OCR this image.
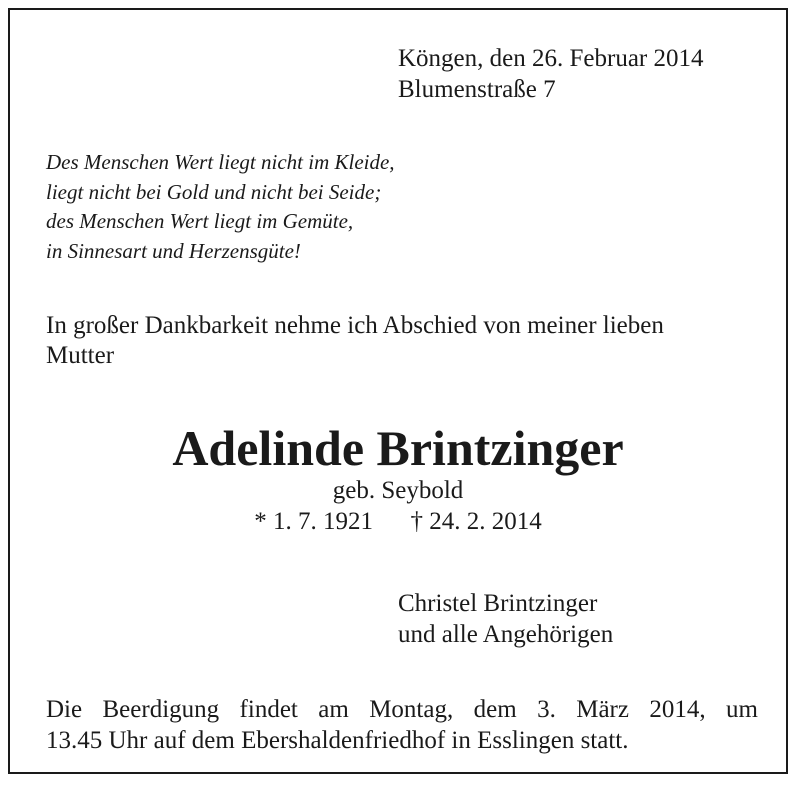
Köngen, den 26. Februar 2014
Blumenstraße 7
Des Menschen Wert liegt nicht im Kleide,
liegt nicht bei Gold und nicht bei Seide;
des Menschen Wert liegt im Gemüte,
in Sinnesart und Herzensgüte!
In großer Dankbarkeit nehme ich Abschied von meiner lieben
Mutter
Adelinde Brintzinger
geb. Seybold
* 1. 7. 1921 † 24. 2. 2014
Christel Brintzinger
und alle Angehörigen
Die Beerdigung findet am Montag, dem 3. März 2014, um
13.45 Uhr auf dem Ebershaldenfriedhof in Esslingen statt.
